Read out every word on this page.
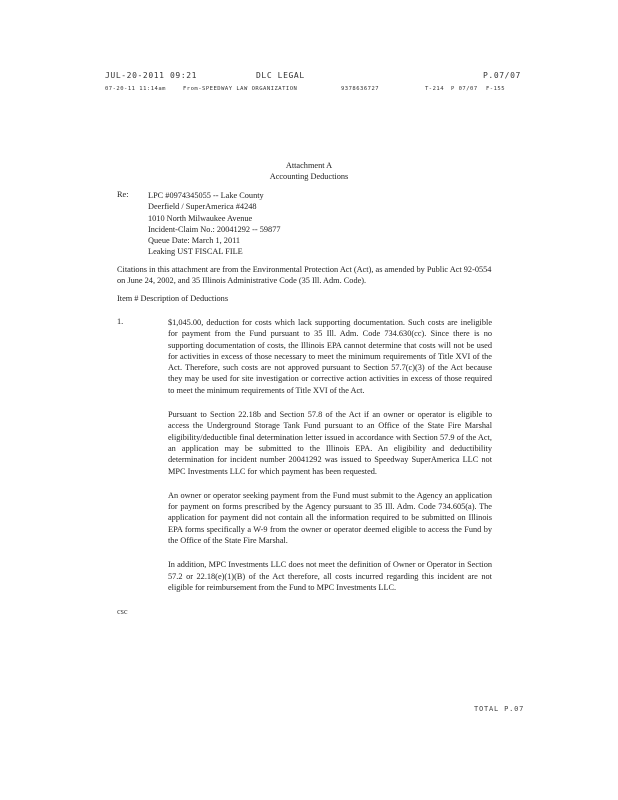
JUL-20-2011 09:21	DLC LEGAL	P.07/07
07-20-11 11:14am	From-SPEEDWAY LAW ORGANIZATION	9378636727	T-214 P 07/07 F-155
Attachment A
Accounting Deductions
Re: LPC #0974345055 -- Lake County
Deerfield / SuperAmerica #4248
1010 North Milwaukee Avenue
Incident-Claim No.: 20041292 -- 59877
Queue Date: March 1, 2011
Leaking UST FISCAL FILE
Citations in this attachment are from the Environmental Protection Act (Act), as amended by Public Act 92-0554 on June 24, 2002, and 35 Illinois Administrative Code (35 Ill. Adm. Code).
Item # Description of Deductions
1.	$1,045.00, deduction for costs which lack supporting documentation. Such costs are ineligible for payment from the Fund pursuant to 35 Ill. Adm. Code 734.630(cc). Since there is no supporting documentation of costs, the Illinois EPA cannot determine that costs will not be used for activities in excess of those necessary to meet the minimum requirements of Title XVI of the Act. Therefore, such costs are not approved pursuant to Section 57.7(c)(3) of the Act because they may be used for site investigation or corrective action activities in excess of those required to meet the minimum requirements of Title XVI of the Act.

Pursuant to Section 22.18b and Section 57.8 of the Act if an owner or operator is eligible to access the Underground Storage Tank Fund pursuant to an Office of the State Fire Marshal eligibility/deductible final determination letter issued in accordance with Section 57.9 of the Act, an application may be submitted to the Illinois EPA. An eligibility and deductibility determination for incident number 20041292 was issued to Speedway SuperAmerica LLC not MPC Investments LLC for which payment has been requested.

An owner or operator seeking payment from the Fund must submit to the Agency an application for payment on forms prescribed by the Agency pursuant to 35 Ill. Adm. Code 734.605(a). The application for payment did not contain all the information required to be submitted on Illinois EPA forms specifically a W-9 from the owner or operator deemed eligible to access the Fund by the Office of the State Fire Marshal.

In addition, MPC Investments LLC does not meet the definition of Owner or Operator in Section 57.2 or 22.18(e)(1)(B) of the Act therefore, all costs incurred regarding this incident are not eligible for reimbursement from the Fund to MPC Investments LLC.

csc
TOTAL P.07
